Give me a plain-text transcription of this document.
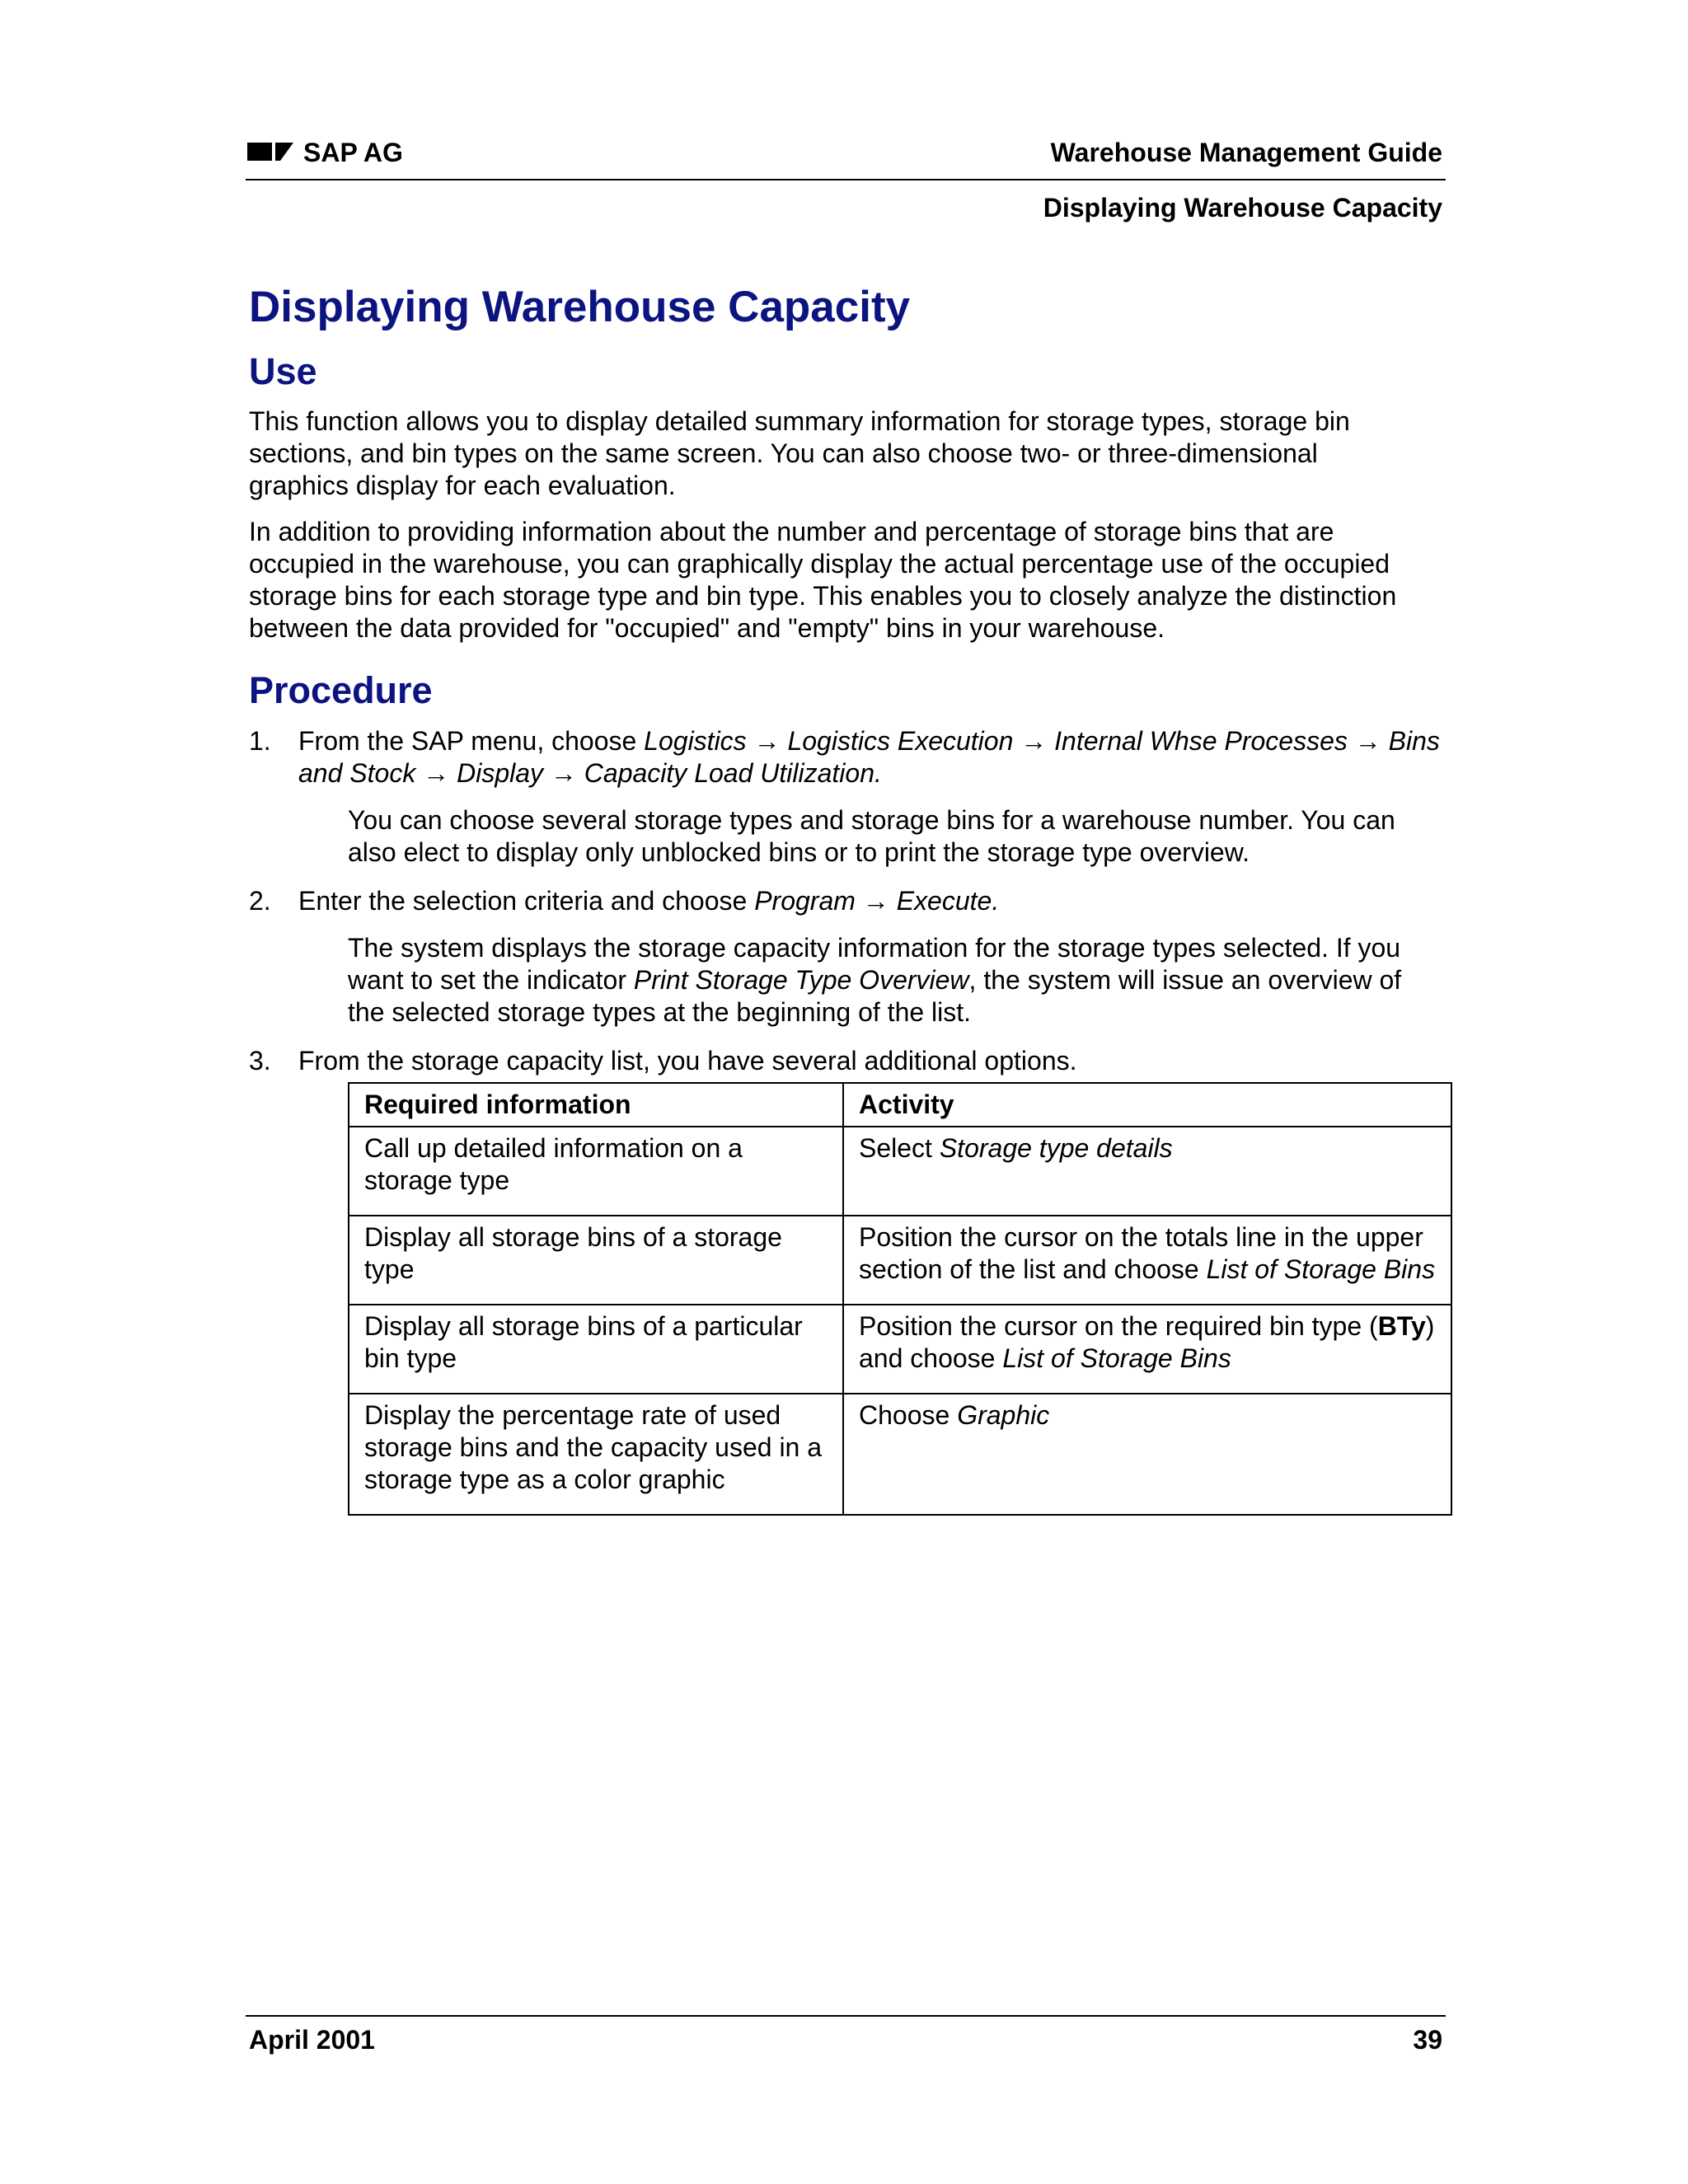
SAP AG	Warehouse Management Guide
Displaying Warehouse Capacity
Displaying Warehouse Capacity
Use

This function allows you to display detailed summary information for storage types, storage bin sections, and bin types on the same screen. You can also choose two- or three-dimensional graphics display for each evaluation.

In addition to providing information about the number and percentage of storage bins that are occupied in the warehouse, you can graphically display the actual percentage use of the occupied storage bins for each storage type and bin type. This enables you to closely analyze the distinction between the data provided for "occupied" and "empty" bins in your warehouse.

Procedure
1. From the SAP menu, choose Logistics → Logistics Execution → Internal Whse Processes → Bins and Stock → Display → Capacity Load Utilization.
You can choose several storage types and storage bins for a warehouse number. You can also elect to display only unblocked bins or to print the storage type overview.
2. Enter the selection criteria and choose Program → Execute.
The system displays the storage capacity information for the storage types selected. If you want to set the indicator Print Storage Type Overview, the system will issue an overview of the selected storage types at the beginning of the list.
3. From the storage capacity list, you have several additional options.
Required information	Activity
Call up detailed information on a storage type	Select Storage type details
Display all storage bins of a storage type	Position the cursor on the totals line in the upper section of the list and choose List of Storage Bins
Display all storage bins of a particular bin type	Position the cursor on the required bin type (BTy) and choose List of Storage Bins
Display the percentage rate of used storage bins and the capacity used in a storage type as a color graphic	Choose Graphic
April 2001	39
